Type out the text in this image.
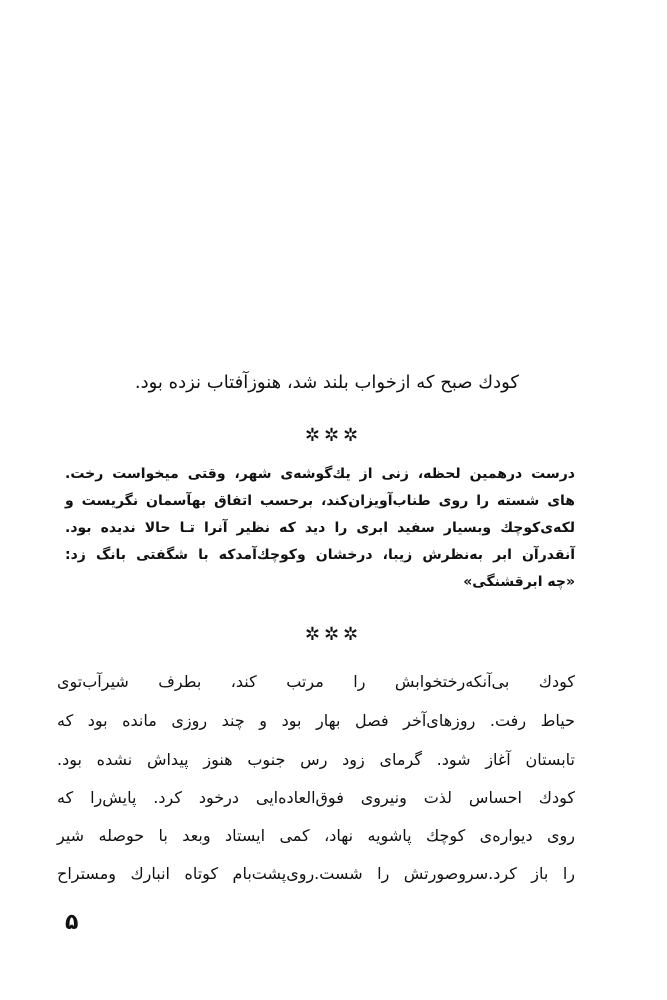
کودك صبح که ازخواب بلند شد، هنوزآفتاب نزده بود.
✲✲✲
درست درهمین لحظه، زنی از یك‌گوشه‌ی شهر، وقتی میخواست رخت.
های شسته را روی طناب‌آویزان‌کند، برحسب اتفاق بهآسمان نگریست و
لکه‌ی‌کوچك وبسیار سفید ابری را دید که نظیر آنرا تـا حالا ندیده بود.
آنقدرآن ابر به‌نظرش زیبا، درخشان وکوچك‌آمدکه با شگفتی بانگ زد:
«چه ابرقشنگی»
✲✲✲
کودك بی‌آنکه‌رختخوابش را مرتب کند، بطرف شیرآب‌توی
حیاط رفت. روزهای‌آخر فصل بهار بود و چند روزی مانده بود که
تابستان آغاز شود. گرمای زود رس جنوب هنوز پیداش نشده بود.
کودك احساس لذت ونیروی فوق‌العاده‌ایی درخود کرد. پایش‌را که
روی دیواره‌ی کوچك پاشویه نهاد، کمی ایستاد وبعد با حوصله شیر
را باز کرد.سروصورتش را شست.روی‌پشت‌بام کوتاه انبارك ومستراح
۵
